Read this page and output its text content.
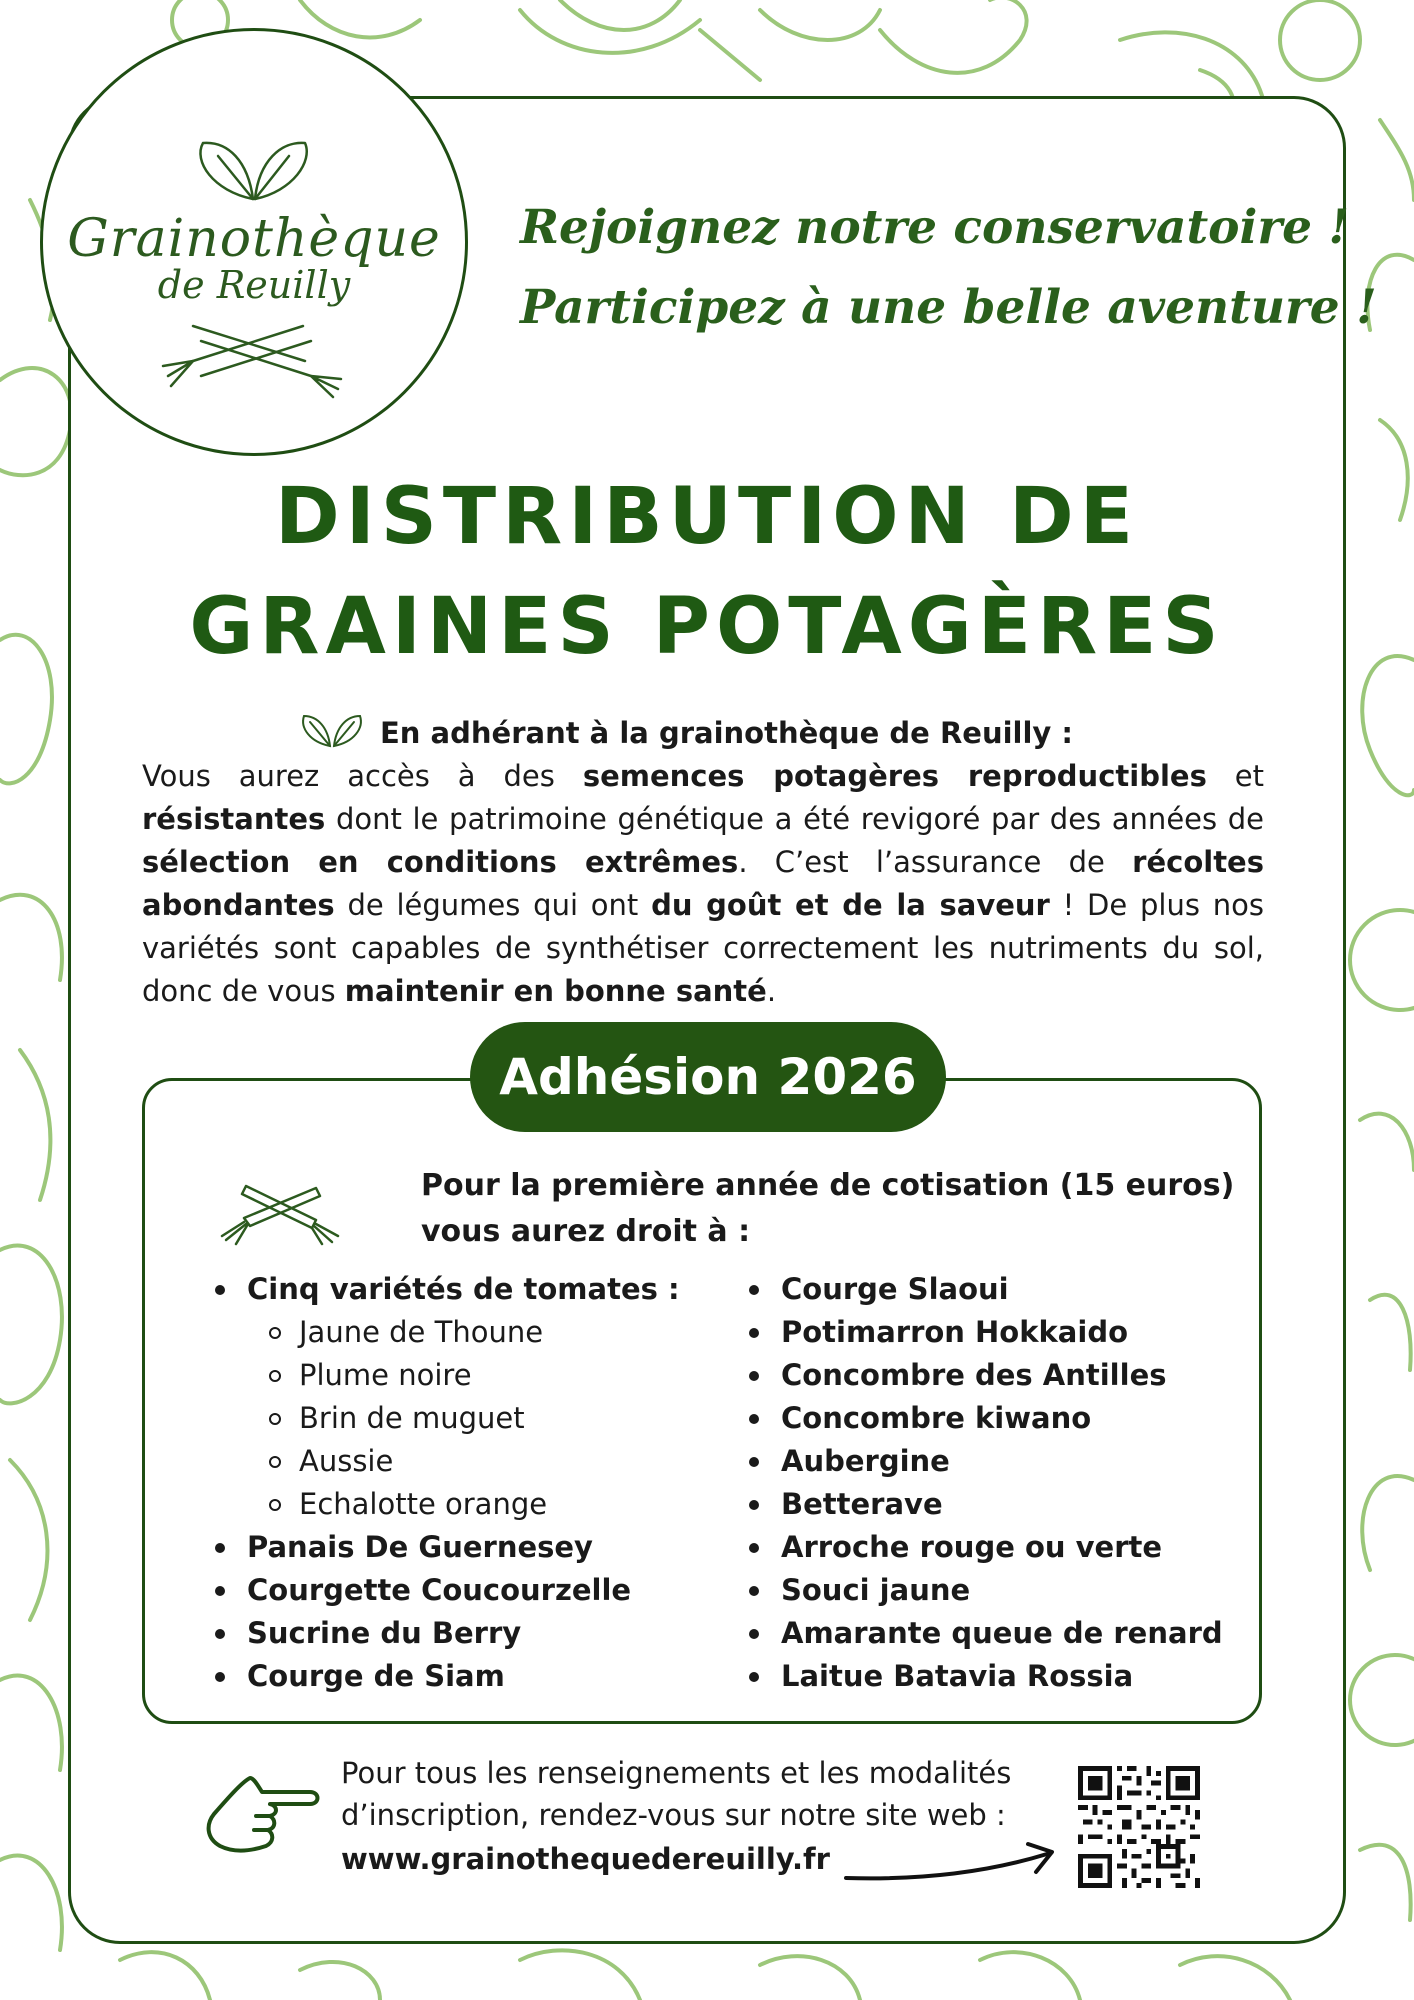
Grainothèque
de Reuilly
Rejoignez notre conservatoire !
Participez à une belle aventure !
DISTRIBUTION DE
GRAINES POTAGÈRES
En adhérant à la grainothèque de Reuilly :
Vous aurez accès à des semences potagères reproductibles et résistantes dont le patrimoine génétique a été revigoré par des années de sélection en conditions extrêmes. C’est l’assurance de récoltes abondantes de légumes qui ont du goût et de la saveur ! De plus nos variétés sont capables de synthétiser correctement les nutriments du sol, donc de vous maintenir en bonne santé.
Adhésion 2026
Pour la première année de cotisation (15 euros)
vous aurez droit à :
Cinq variétés de tomates :
Jaune de Thoune
Plume noire
Brin de muguet
Aussie
Echalotte orange
Panais De Guernesey
Courgette Coucourzelle
Sucrine du Berry
Courge de Siam
Courge Slaoui
Potimarron Hokkaido
Concombre des Antilles
Concombre kiwano
Aubergine
Betterave
Arroche rouge ou verte
Souci jaune
Amarante queue de renard
Laitue Batavia Rossia
Pour tous les renseignements et les modalités
d’inscription, rendez-vous sur notre site web :
www.grainothequedereuilly.fr
